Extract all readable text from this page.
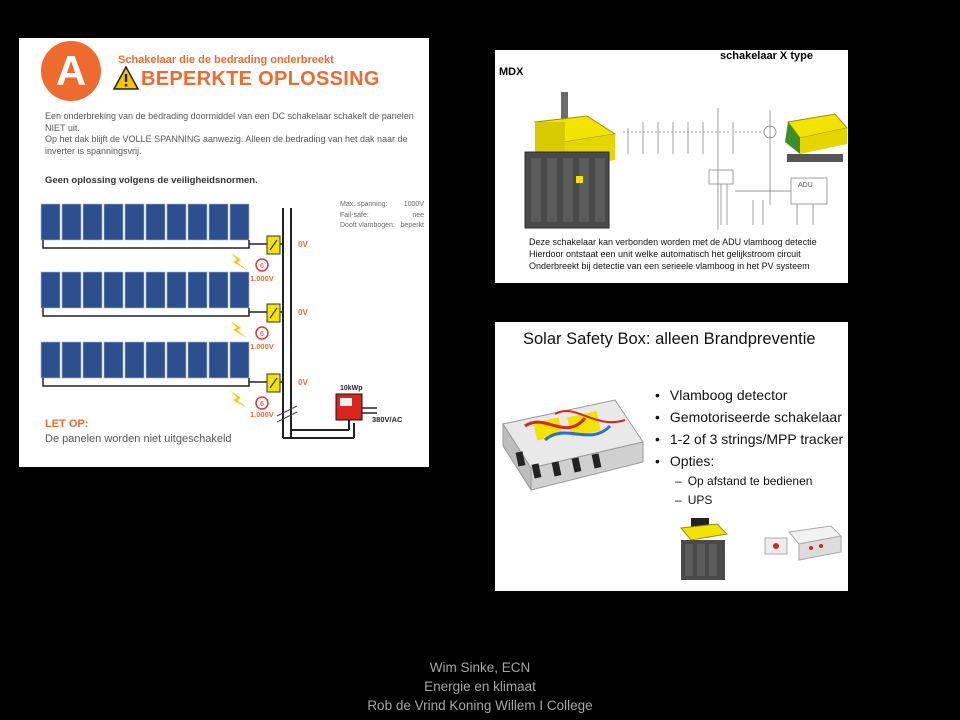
A	Schakelaar die de bedrading onderbreekt
BEPERKTE OPLOSSING

Een onderbreking van de bedrading doormiddel van een DC schakelaar schakelt de panelen NIET uit.

Op het dak blijft de VOLLE SPANNING aanwezig. Alleen de bedrading van het dak naar de inverter is spanningsvrij.

Geen oplossing volgens de veiligheidsnormen.
Max. spanning: 1000V
Fail-safe:	nee
Dooft vlambogen: beperkt
6
6
6
0V
0V
0V
1.000V
1.000V
1.000V
10kWp
380V/AC
LET OP:
De panelen worden niet uitgeschakeld
ADU
schakelaar X type
MDX

Deze schakelaar kan verbonden worden met de ADU vlamboog detectie

Hierdoor ontstaat een unit welke automatisch het gelijkstroom circuit

Onderbreekt bij detectie van een serieele vlamboog in het PV systeem

Solar Safety Box: alleen Brandpreventie
• Vlamboog detector
• Gemotoriseerde schakelaar
• 1-2 of 3 strings/MPP tracker
• Opties:
– Op afstand te bedienen
– UPS
Wim Sinke, ECN
Energie en klimaat
Rob de Vrind Koning Willem I College
